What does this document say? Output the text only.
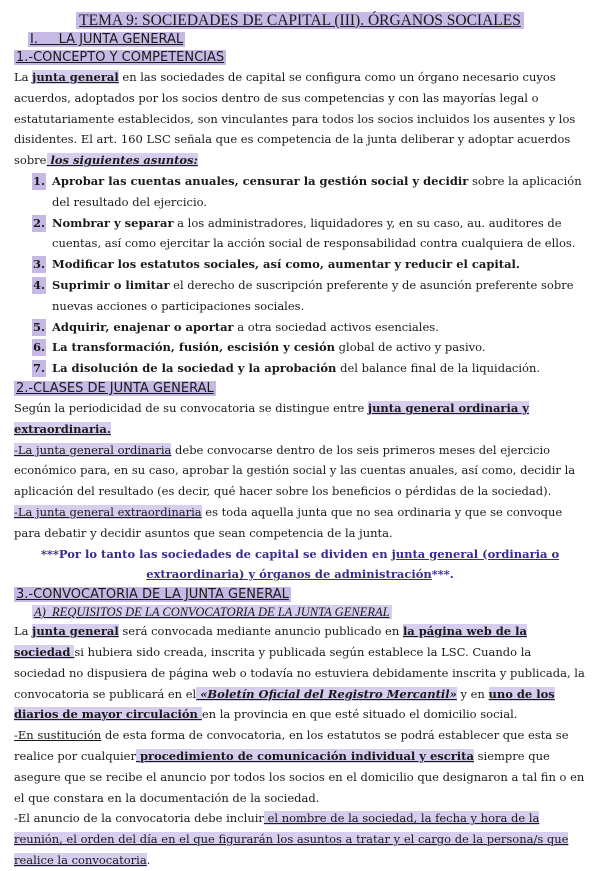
TEMA 9: SOCIEDADES DE CAPITAL (III). ÓRGANOS SOCIALES
I.     LA JUNTA GENERAL
1.-CONCEPTO Y COMPETENCIAS

La junta general en las sociedades de capital se configura como un órgano necesario cuyos acuerdos, adoptados por los socios dentro de sus competencias y con las mayorías legal o estatutariamente establecidos, son vinculantes para todos los socios incluidos los ausentes y los disidentes. El art. 160 LSC señala que es competencia de la junta deliberar y adoptar acuerdos sobre los siguientes asuntos:

1. Aprobar las cuentas anuales, censurar la gestión social y decidir sobre la aplicación del resultado del ejercicio.
2. Nombrar y separar a los administradores, liquidadores y, en su caso, au. auditores de cuentas, así como ejercitar la acción social de responsabilidad contra cualquiera de ellos.
3. Modificar los estatutos sociales, así como, aumentar y reducir el capital.
4. Suprimir o limitar el derecho de suscripción preferente y de asunción preferente sobre nuevas acciones o participaciones sociales.
5. Adquirir, enajenar o aportar a otra sociedad activos esenciales.
6. La transformación, fusión, escisión y cesión global de activo y pasivo.
7. La disolución de la sociedad y la aprobación del balance final de la liquidación.
2.-CLASES DE JUNTA GENERAL

Según la periodicidad de su convocatoria se distingue entre junta general ordinaria y extraordinaria.

-La junta general ordinaria debe convocarse dentro de los seis primeros meses del ejercicio económico para, en su caso, aprobar la gestión social y las cuentas anuales, así como, decidir la aplicación del resultado (es decir, qué hacer sobre los beneficios o pérdidas de la sociedad).

-La junta general extraordinaria es toda aquella junta que no sea ordinaria y que se convoque para debatir y decidir asuntos que sean competencia de la junta.

***Por lo tanto las sociedades de capital se dividen en junta general (ordinaria o extraordinaria) y órganos de administración***.

3.-CONVOCATORIA DE LA JUNTA GENERAL
A)  REQUISITOS DE LA CONVOCATORIA DE LA JUNTA GENERAL

La junta general será convocada mediante anuncio publicado en la página web de la sociedad si hubiera sido creada, inscrita y publicada según establece la LSC. Cuando la sociedad no dispusiera de página web o todavía no estuviera debidamente inscrita y publicada, la convocatoria se publicará en el «Boletín Oficial del Registro Mercantil» y en uno de los diarios de mayor circulación en la provincia en que esté situado el domicilio social.

-En sustitución de esta forma de convocatoria, en los estatutos se podrá establecer que esta se realice por cualquier procedimiento de comunicación individual y escrita siempre que asegure que se recibe el anuncio por todos los socios en el domicilio que designaron a tal fin o en el que constara en la documentación de la sociedad.

-El anuncio de la convocatoria debe incluir el nombre de la sociedad, la fecha y hora de la reunión, el orden del día en el que figurarán los asuntos a tratar y el cargo de la persona/s que realice la convocatoria.
